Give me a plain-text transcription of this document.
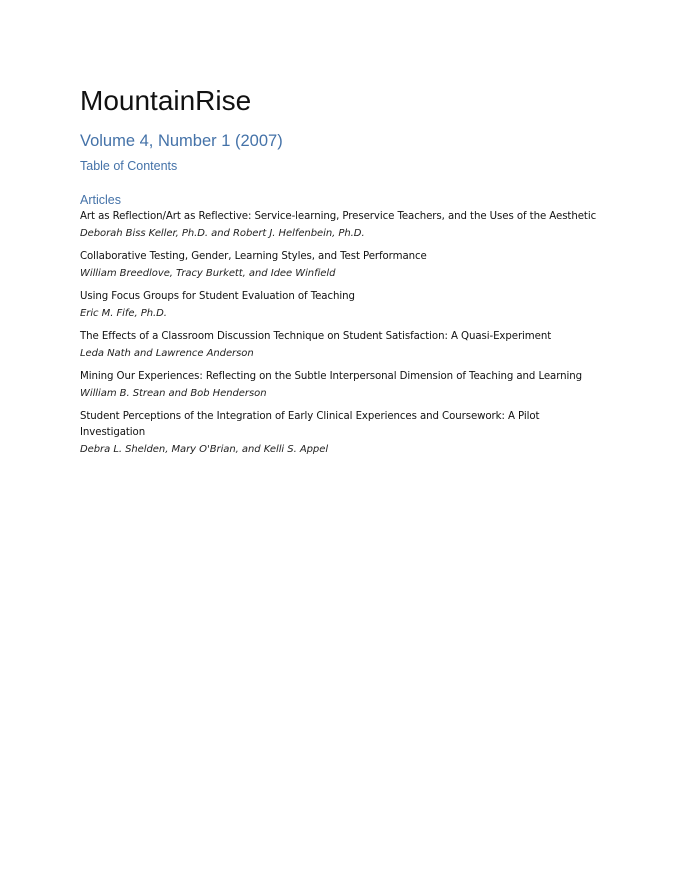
MountainRise
Volume 4, Number 1 (2007)
Table of Contents
Articles
Art as Reflection/Art as Reflective: Service-learning, Preservice Teachers, and the Uses of the Aesthetic
Deborah Biss Keller, Ph.D. and Robert J. Helfenbein, Ph.D.
Collaborative Testing, Gender, Learning Styles, and Test Performance
William Breedlove, Tracy Burkett, and Idee Winfield
Using Focus Groups for Student Evaluation of Teaching
Eric M. Fife, Ph.D.
The Effects of a Classroom Discussion Technique on Student Satisfaction: A Quasi-Experiment
Leda Nath and Lawrence Anderson
Mining Our Experiences: Reflecting on the Subtle Interpersonal Dimension of Teaching and Learning
William B. Strean and Bob Henderson
Student Perceptions of the Integration of Early Clinical Experiences and Coursework: A Pilot Investigation
Debra L. Shelden, Mary O'Brian, and Kelli S. Appel
